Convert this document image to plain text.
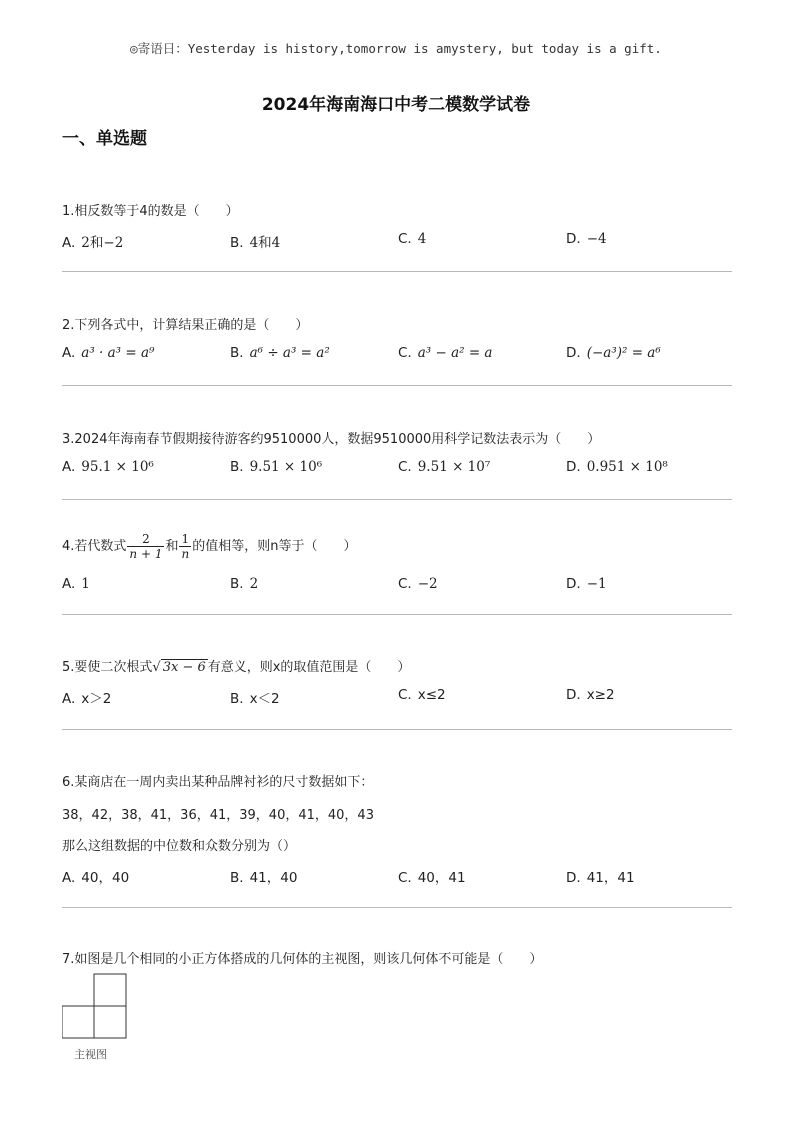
◎寄语日：Yesterday is history,tomorrow is amystery, but today is a gift.
2024年海南海口中考二模数学试卷
一、单选题
1.相反数等于4的数是（　　）
A. 2和−2	B. 4和4	C. 4	D. −4
2.下列各式中，计算结果正确的是（　　）
A. a³ · a³ = a⁹	B. a⁶ ÷ a³ = a²	C. a³ − a² = a	D. (−a³)² = a⁶
3.2024年海南春节假期接待游客约9510000人，数据9510000用科学记数法表示为（　　）
A. 95.1 × 10⁶	B. 9.51 × 10⁶	C. 9.51 × 10⁷	D. 0.951 × 10⁸
4.若代数式 $\frac{2}{n + 1}$ 和 $\frac{1}{n}$ 的值相等，则n等于（　　）
A. 1	B. 2	C. −2	D. −1
5.要使二次根式√ 3x − 6 有意义，则x的取值范围是（　　）
A. x＞2	B. x＜2	C. x≤2	D. x≥2
6.某商店在一周内卖出某种品牌衬衫的尺寸数据如下：
38，42，38，41，36，41，39，40，41，40，43
那么这组数据的中位数和众数分别为（）
A. 40，40	B. 41，40	C. 40，41	D. 41，41
7.如图是几个相同的小正方体搭成的几何体的主视图，则该几何体不可能是（　　）
主视图
